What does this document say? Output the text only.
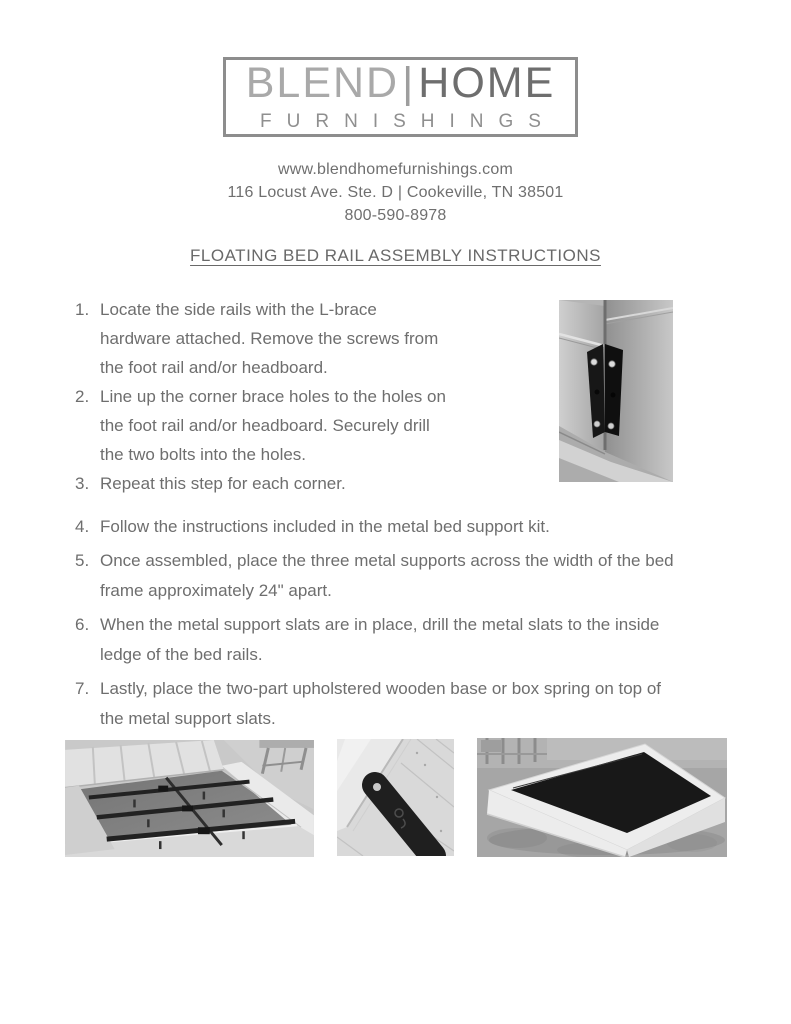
BLEND|HOME
FURNISHINGS
www.blendhomefurnishings.com
116 Locust Ave. Ste. D | Cookeville, TN 38501
800-590-8978
FLOATING BED RAIL ASSEMBLY INSTRUCTIONS
1. Locate the side rails with the L-brace hardware attached. Remove the screws from the foot rail and/or headboard.
2. Line up the corner brace holes to the holes on the foot rail and/or headboard. Securely drill the two bolts into the holes.
3. Repeat this step for each corner.
4. Follow the instructions included in the metal bed support kit.
5. Once assembled, place the three metal supports across the width of the bed frame approximately 24" apart.
6. When the metal support slats are in place, drill the metal slats to the inside ledge of the bed rails.
7. Lastly, place the two-part upholstered wooden base or box spring on top of the metal support slats.
